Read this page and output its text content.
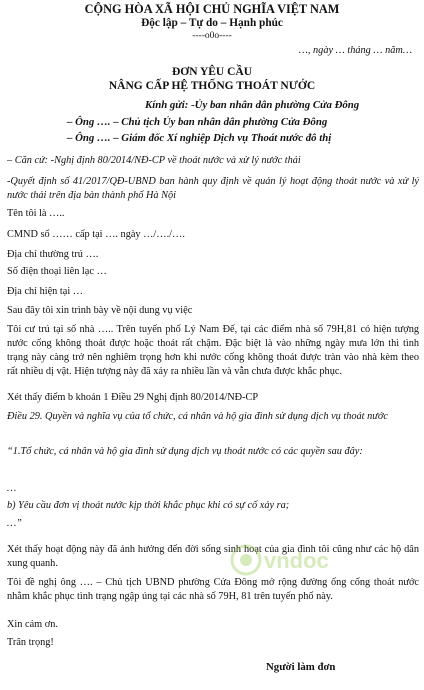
CỘNG HÒA XÃ HỘI CHỦ NGHĨA VIỆT NAM
Độc lập – Tự do – Hạnh phúc
----o0o----
…, ngày … tháng … năm…
ĐƠN YÊU CẦU
NÂNG CẤP HỆ THỐNG THOÁT NƯỚC
Kính gửi: -Ủy ban nhân dân phường Cửa Đông
– Ông …. – Chủ tịch Ủy ban nhân dân phường Cửa Đông
– Ông …. – Giám đốc Xí nghiệp Dịch vụ Thoát nước đô thị
– Căn cứ: -Nghị định 80/2014/NĐ-CP về thoát nước và xử lý nước thải
-Quyết định số 41/2017/QĐ-UBND ban hành quy định về quản lý hoạt động thoát nước và xử lý nước thải trên địa bàn thành phố Hà Nội
Tên tôi là …..
CMND số …… cấp tại …. ngày …/…./….
Địa chỉ thường trú ….
Số điện thoại liên lạc …
Địa chỉ hiện tại …
Sau đây tôi xin trình bày về nội dung vụ việc
Tôi cư trú tại số nhà ….. Trên tuyến phố Lý Nam Đế, tại các điểm nhà số 79H,81 có hiện tượng nước cống không thoát được hoặc thoát rất chậm. Đặc biệt là vào những ngày mưa lớn thì tình trạng này càng trở nên nghiêm trọng hơn khi nước cống không thoát được tràn vào nhà kèm theo rất nhiều dị vật. Hiện tượng này đã xảy ra nhiều lần và vẫn chưa được khắc phục.
Xét thấy điểm b khoản 1 Điều 29 Nghị định 80/2014/NĐ-CP
Điều 29. Quyền và nghĩa vụ của tổ chức, cá nhân và hộ gia đình sử dụng dịch vụ thoát nước
“1.Tổ chức, cá nhân và hộ gia đình sử dụng dịch vụ thoát nước có các quyền sau đây:
…
b) Yêu cầu đơn vị thoát nước kịp thời khắc phục khi có sự cố xảy ra;
…”
Xét thấy hoạt động này đã ảnh hưởng đến đời sống sinh hoạt của gia đình tôi cũng như các hộ dân xung quanh.
Tôi đề nghị ông …. – Chủ tịch UBND phường Cửa Đông mở rộng đường ống cống thoát nước nhằm khắc phục tình trạng ngập úng tại các nhà số 79H, 81 trên tuyến phố này.
Xin cảm ơn.
Trân trọng!
Người làm đơn
vndoc
